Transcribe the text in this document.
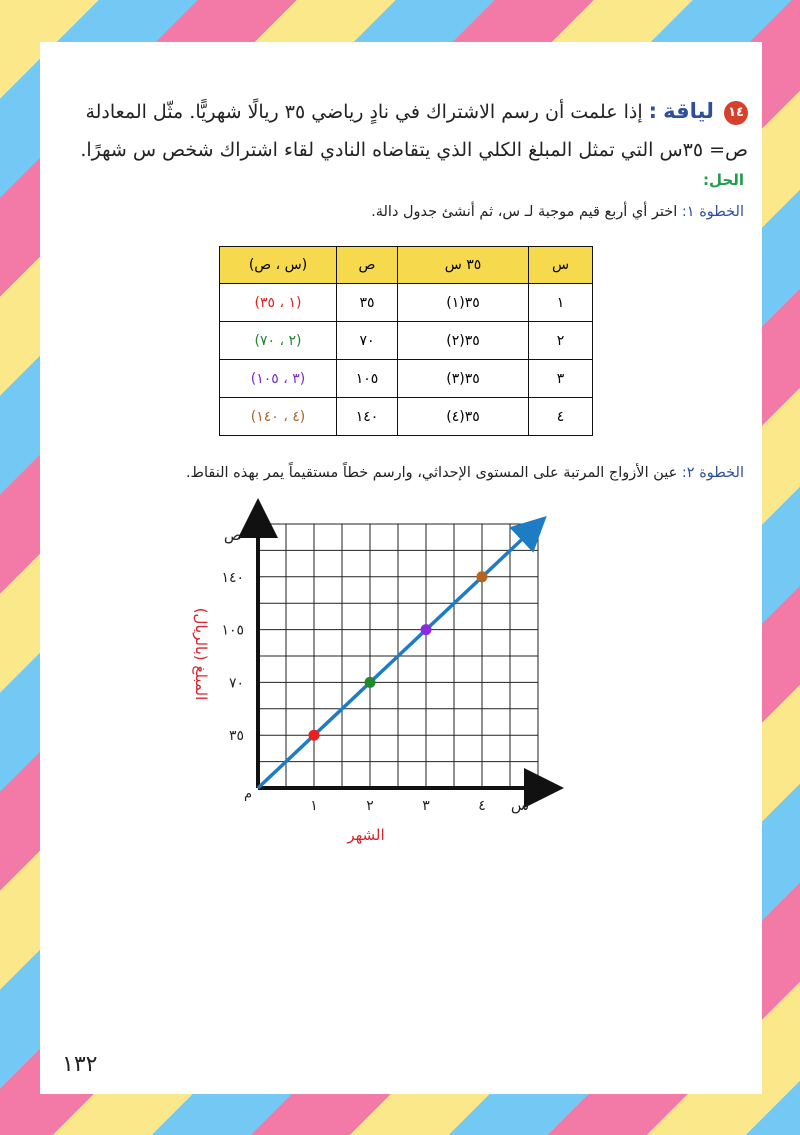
١٤ لياقة : إذا علمت أن رسم الاشتراك في نادٍ رياضي ٣٥ ريالًا شهريًّا. مثّل المعادلة ص= ٣٥س التي تمثل المبلغ الكلي الذي يتقاضاه النادي لقاء اشتراك شخص س شهرًا.
الحل:
الخطوة ١: اختر أي أربع قيم موجبة لـ س، ثم أنشئ جدول دالة.
س	٣٥ س	ص	(س ، ص)
١	٣٥(١)	٣٥	(١ ، ٣٥)
٢	٣٥(٢)	٧٠	(٢ ، ٧٠)
٣	٣٥(٣)	١٠٥	(٣ ، ١٠٥)
٤	٣٥(٤)	١٤٠	(٤ ، ١٤٠)
الخطوة ٢: عين الأزواج المرتبة على المستوى الإحداثي، وارسم خطاً مستقيماً يمر بهذه النقاط.
١	٢	٣	٤
٣٥
٧٠
١٠٥
١٤٠
س
ص
م
الشهر
المبلغ (بالريال)
١٣٢
